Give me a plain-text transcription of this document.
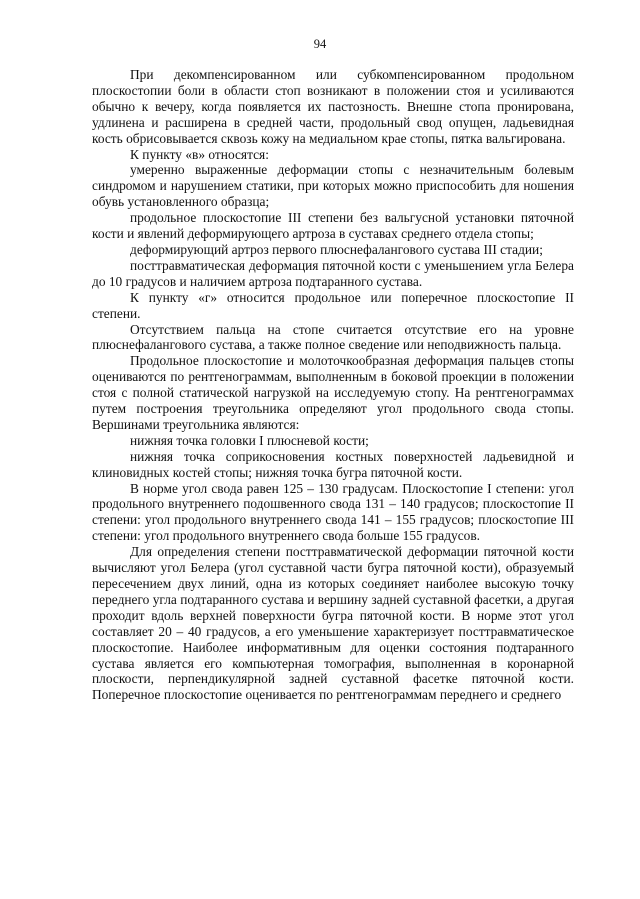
94

При декомпенсированном или субкомпенсированном продольном плоскостопии боли в области стоп возникают в положении стоя и усиливаются обычно к вечеру, когда появляется их пастозность. Внешне стопа пронирована, удлинена и расширена в средней части, продольный свод опущен, ладьевидная кость обрисовывается сквозь кожу на медиальном крае стопы, пятка вальгирована.

К пункту «в» относятся:

умеренно выраженные деформации стопы с незначительным болевым синдромом и нарушением статики, при которых можно приспособить для ношения обувь установленного образца;

продольное плоскостопие III степени без вальгусной установки пяточной кости и явлений деформирующего артроза в суставах среднего отдела стопы;

деформирующий артроз первого плюснефалангового сустава III стадии;

посттравматическая деформация пяточной кости с уменьшением угла Белера до 10 градусов и наличием артроза подтаранного сустава.

К пункту «г» относится продольное или поперечное плоскостопие II степени.

Отсутствием пальца на стопе считается отсутствие его на уровне плюснефалангового сустава, а также полное сведение или неподвижность пальца.

Продольное плоскостопие и молоточкообразная деформация пальцев стопы оцениваются по рентгенограммам, выполненным в боковой проекции в положении стоя с полной статической нагрузкой на исследуемую стопу. На рентгенограммах путем построения треугольника определяют угол продольного свода стопы. Вершинами треугольника являются:

нижняя точка головки I плюсневой кости;

нижняя точка соприкосновения костных поверхностей ладьевидной и клиновидных костей стопы; нижняя точка бугра пяточной кости.

В норме угол свода равен 125 – 130 градусам. Плоскостопие I степени: угол продольного внутреннего подошвенного свода 131 – 140 градусов; плоскостопие II степени: угол продольного внутреннего свода 141 – 155 градусов; плоскостопие III степени: угол продольного внутреннего свода больше 155 градусов.

Для определения степени посттравматической деформации пяточной кости вычисляют угол Белера (угол суставной части бугра пяточной кости), образуемый пересечением двух линий, одна из которых соединяет наиболее высокую точку переднего угла подтаранного сустава и вершину задней суставной фасетки, а другая проходит вдоль верхней поверхности бугра пяточной кости. В норме этот угол составляет 20 – 40 градусов, а его уменьшение характеризует посттравматическое плоскостопие. Наиболее информативным для оценки состояния подтаранного сустава является его компьютерная томография, выполненная в коронарной плоскости, перпендикулярной задней суставной фасетке пяточной кости. Поперечное плоскостопие оценивается по рентгенограммам переднего и среднего
